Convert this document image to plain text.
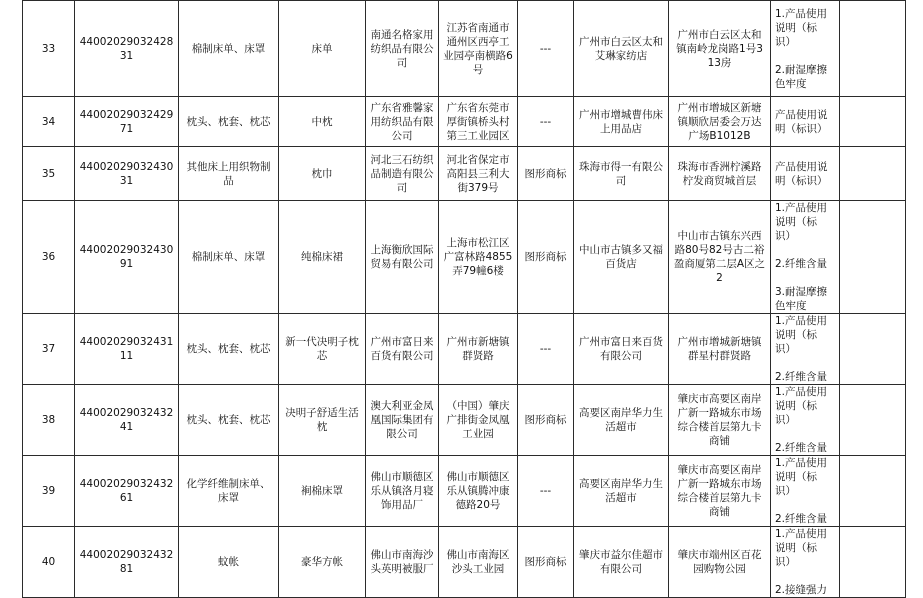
33	4400202903242831	棉制床单、床罩	床单	南通名格家用纺织品有限公司	江苏省南通市通州区西亭工业园亭南横路6号	---	广州市白云区太和艾琳家纺店	广州市白云区太和镇南岭龙岗路1号313房	1.产品使用说明（标识）

2.耐湿摩擦色牢度	
34	4400202903242971	枕头、枕套、枕芯	中枕	广东省雅馨家用纺织品有限公司	广东省东莞市厚街镇桥头村第三工业园区	---	广州市增城曹伟床上用品店	广州市增城区新塘镇顺欣居委会万达广场B1012B	产品使用说明（标识）	
35	4400202903243031	其他床上用织物制品	枕巾	河北三石纺织品制造有限公司	河北省保定市高阳县三利大街379号	图形商标	珠海市得一有限公司	珠海市香洲柠溪路柠发商贸城首层	产品使用说明（标识）	
36	4400202903243091	棉制床单、床罩	纯棉床裙	上海衡欣国际贸易有限公司	上海市松江区广富林路4855弄79幢6楼	图形商标	中山市古镇多又福百货店	中山市古镇东兴西路80号82号古二裕盈商厦第二层A区之2	1.产品使用说明（标识）

2.纤维含量

3.耐湿摩擦色牢度	
37	4400202903243111	枕头、枕套、枕芯	新一代决明子枕芯	广州市富日来百货有限公司	广州市新塘镇群贤路	---	广州市富日来百货有限公司	广州市增城新塘镇群星村群贤路	1.产品使用说明（标识）

2.纤维含量	
38	4400202903243241	枕头、枕套、枕芯	决明子舒适生活枕	澳大利亚金凤凰国际集团有限公司	（中国）肇庆广排街金凤凰工业园	图形商标	高要区南岸华力生活超市	肇庆市高要区南岸广新一路城东市场综合楼首层第九卡商铺	1.产品使用说明（标识）

2.纤维含量	
39	4400202903243261	化学纤维制床单、床罩	裥棉床罩	佛山市顺德区乐从镇洛月寝饰用品厂	佛山市顺德区乐从镇腾冲康德路20号	---	高要区南岸华力生活超市	肇庆市高要区南岸广新一路城东市场综合楼首层第九卡商铺	1.产品使用说明（标识）

2.纤维含量	
40	4400202903243281	蚊帐	豪华方帐	佛山市南海沙头英明被服厂	佛山市南海区沙头工业园	图形商标	肇庆市益尔佳超市有限公司	肇庆市端州区百花园购物公园	1.产品使用说明（标识）

2.接缝强力	
